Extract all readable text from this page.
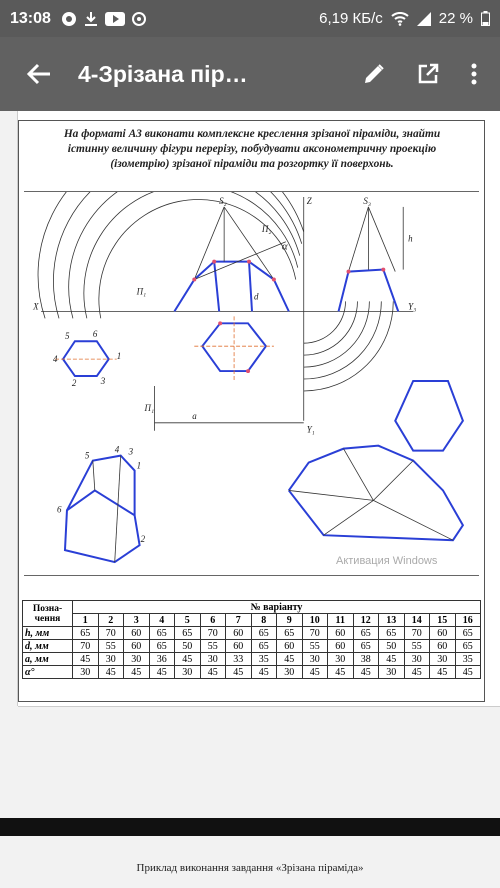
13:08	6,19 КБ/с	22 %
4-Зрізана пір…
На форматі А3 виконати комплексне креслення зрізаної піраміди, знайти
істинну величину фігури перерізу, побудувати аксонометричну проекцію
(ізометрію) зрізаної піраміди та розгортку її поверхонь.
S₂	S₃
Z
X	Y₃
Y₁
α
Π₂
Π₁
Π₁
a
d
h
1
2	3
4
5	6
1
2
3
4
5
6
Активация Windows
Позна-
чення	№ варіанту															
	1	2	3	4	5	6	7	8	9	10	11	12	13	14	15	16
h, мм	65	70	60	65	65	70	60	65	65	70	60	65	65	70	60	65
d, мм	70	55	60	65	50	55	60	65	60	55	60	65	50	55	60	65
a, мм	45	30	30	36	45	30	33	35	45	30	30	38	45	30	30	35
α°	30	45	45	45	30	45	45	45	30	45	45	45	30	45	45	45
Приклад виконання завдання «Зрізана піраміда»
